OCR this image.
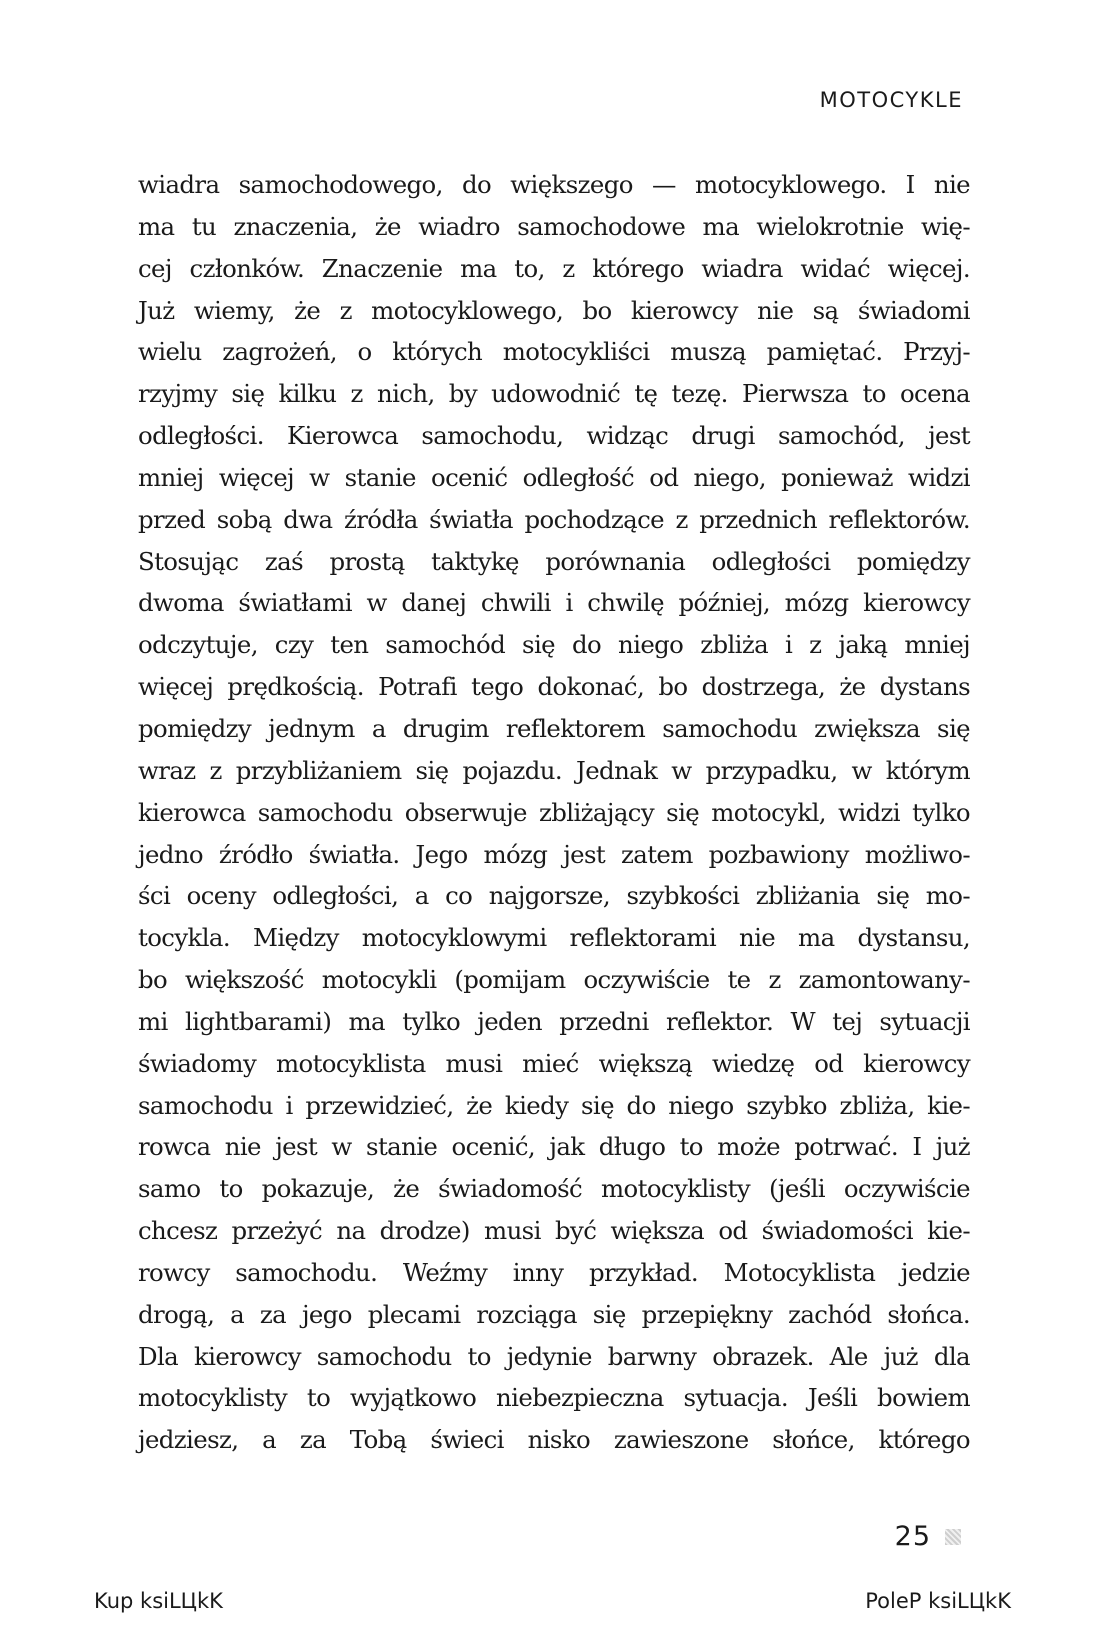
MOTOCYKLE
wiadra samochodowego, do większego — motocyklowego. I nie
ma tu znaczenia, że wiadro samochodowe ma wielokrotnie wię-
cej członków. Znaczenie ma to, z którego wiadra widać więcej.
Już wiemy, że z motocyklowego, bo kierowcy nie są świadomi
wielu zagrożeń, o których motocykliści muszą pamiętać. Przyj-
rzyjmy się kilku z nich, by udowodnić tę tezę. Pierwsza to ocena
odległości. Kierowca samochodu, widząc drugi samochód, jest
mniej więcej w stanie ocenić odległość od niego, ponieważ widzi
przed sobą dwa źródła światła pochodzące z przednich reflektorów.
Stosując zaś prostą taktykę porównania odległości pomiędzy
dwoma światłami w danej chwili i chwilę później, mózg kierowcy
odczytuje, czy ten samochód się do niego zbliża i z jaką mniej
więcej prędkością. Potrafi tego dokonać, bo dostrzega, że dystans
pomiędzy jednym a drugim reflektorem samochodu zwiększa się
wraz z przybliżaniem się pojazdu. Jednak w przypadku, w którym
kierowca samochodu obserwuje zbliżający się motocykl, widzi tylko
jedno źródło światła. Jego mózg jest zatem pozbawiony możliwo-
ści oceny odległości, a co najgorsze, szybkości zbliżania się mo-
tocykla. Między motocyklowymi reflektorami nie ma dystansu,
bo większość motocykli (pomijam oczywiście te z zamontowany-
mi lightbarami) ma tylko jeden przedni reflektor. W tej sytuacji
świadomy motocyklista musi mieć większą wiedzę od kierowcy
samochodu i przewidzieć, że kiedy się do niego szybko zbliża, kie-
rowca nie jest w stanie ocenić, jak długo to może potrwać. I już
samo to pokazuje, że świadomość motocyklisty (jeśli oczywiście
chcesz przeżyć na drodze) musi być większa od świadomości kie-
rowcy samochodu. Weźmy inny przykład. Motocyklista jedzie
drogą, a za jego plecami rozciąga się przepiękny zachód słońca.
Dla kierowcy samochodu to jedynie barwny obrazek. Ale już dla
motocyklisty to wyjątkowo niebezpieczna sytuacja. Jeśli bowiem
jedziesz, a za Tobą świeci nisko zawieszone słońce, którego
25
Kup ksiLЦkK	PoleP ksiLЦkK
